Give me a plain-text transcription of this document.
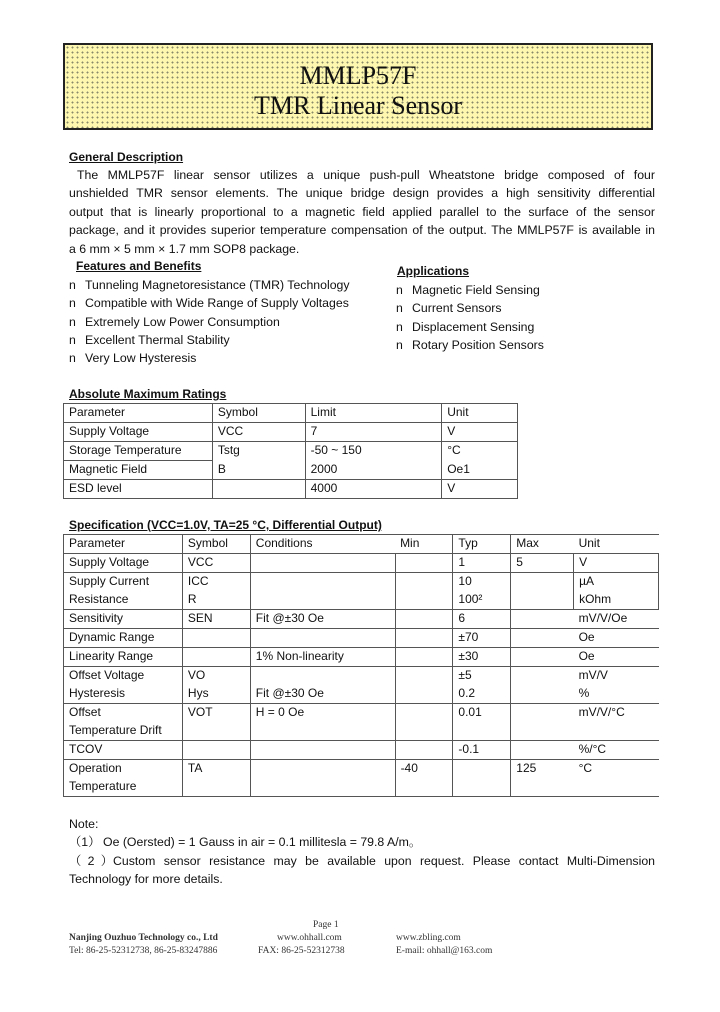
MMLP57F
TMR Linear Sensor
General Description
The MMLP57F linear sensor utilizes a unique push-pull Wheatstone bridge composed of four
unshielded TMR sensor elements. The unique bridge design provides a high sensitivity differential
output that is linearly proportional to a magnetic field applied parallel to the surface of the sensor
package, and it provides superior temperature compensation of the output. The MMLP57F is available in
a 6 mm × 5 mm × 1.7 mm SOP8 package.
Features and Benefits
n Tunneling Magnetoresistance (TMR) Technology
n Compatible with Wide Range of Supply Voltages
n Extremely Low Power Consumption
n Excellent Thermal Stability
n Very Low Hysteresis
Applications
n Magnetic Field Sensing
n Current Sensors
n Displacement Sensing
n Rotary Position Sensors
Absolute Maximum Ratings
Parameter	Symbol	Limit	Unit
Supply Voltage	VCC	7	V
Storage Temperature	Tstg	-50 ~ 150	°C
Magnetic Field	B	2000	Oe1
ESD level		4000	V
Specification (VCC=1.0V, TA=25 °C, Differential Output)
Parameter	Symbol	Conditions	Min	Typ	Max	Unit
Supply Voltage	VCC			1	5	V
Supply Current	ICC			10		µA
Resistance	R			100²		kOhm
Sensitivity	SEN	Fit @±30 Oe		6		mV/V/Oe
Dynamic Range				±70		Oe
Linearity Range		1% Non-linearity		±30		Oe
Offset Voltage	VO			±5		mV/V
Hysteresis	Hys	Fit @±30 Oe		0.2		%
Offset	VOT	H = 0 Oe		0.01		mV/V/°C
Temperature Drift						
TCOV				-0.1		%/°C
Operation	TA		-40		125	°C
Temperature						
Note:
（1） Oe (Oersted) = 1 Gauss in air = 0.1 millitesla = 79.8 A/m。
（2）Custom sensor resistance may be available upon request. Please contact Multi-Dimension
Technology for more details.
Page 1
Nanjing Ouzhuo Technology co., Ltd	www.ohhall.com	www.zbling.com
Tel: 86-25-52312738, 86-25-83247886	FAX: 86-25-52312738	E-mail: ohhall@163.com
